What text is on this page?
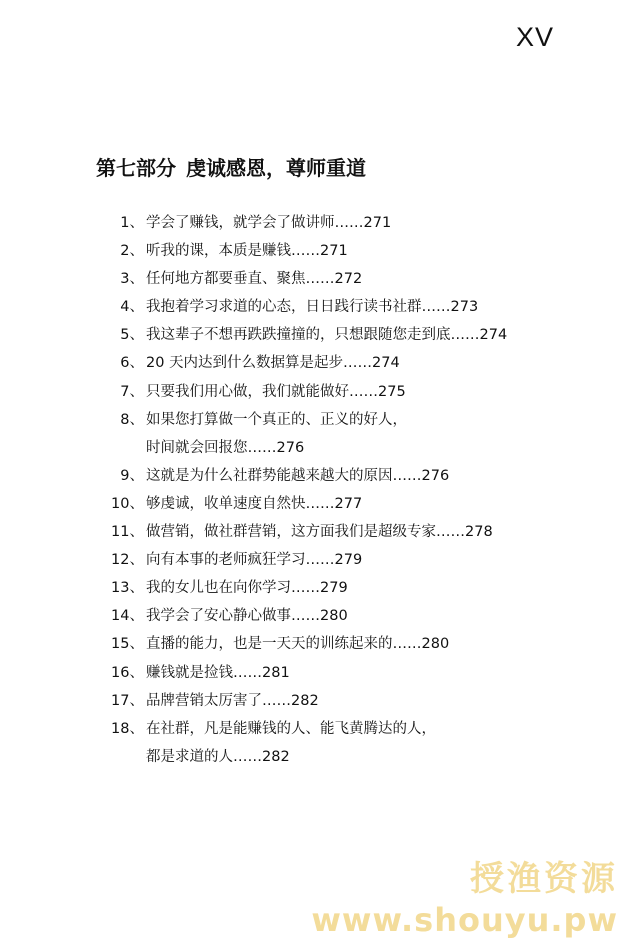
XV
第七部分 虔诚感恩，尊师重道
1、 学会了赚钱，就学会了做讲师……271
2、 听我的课，本质是赚钱……271
3、 任何地方都要垂直、聚焦……272
4、 我抱着学习求道的心态，日日践行读书社群……273
5、 我这辈子不想再跌跌撞撞的，只想跟随您走到底……274
6、 20 天内达到什么数据算是起步……274
7、 只要我们用心做，我们就能做好……275
8、 如果您打算做一个真正的、正义的好人，
时间就会回报您……276
9、 这就是为什么社群势能越来越大的原因……276
10、 够虔诚，收单速度自然快……277
11、 做营销，做社群营销，这方面我们是超级专家……278
12、 向有本事的老师疯狂学习……279
13、 我的女儿也在向你学习……279
14、 我学会了安心静心做事……280
15、 直播的能力，也是一天天的训练起来的……280
16、 赚钱就是捡钱……281
17、 品牌营销太厉害了……282
18、 在社群，凡是能赚钱的人、能飞黄腾达的人，
都是求道的人……282
授渔资源
www.shouyu.pw
